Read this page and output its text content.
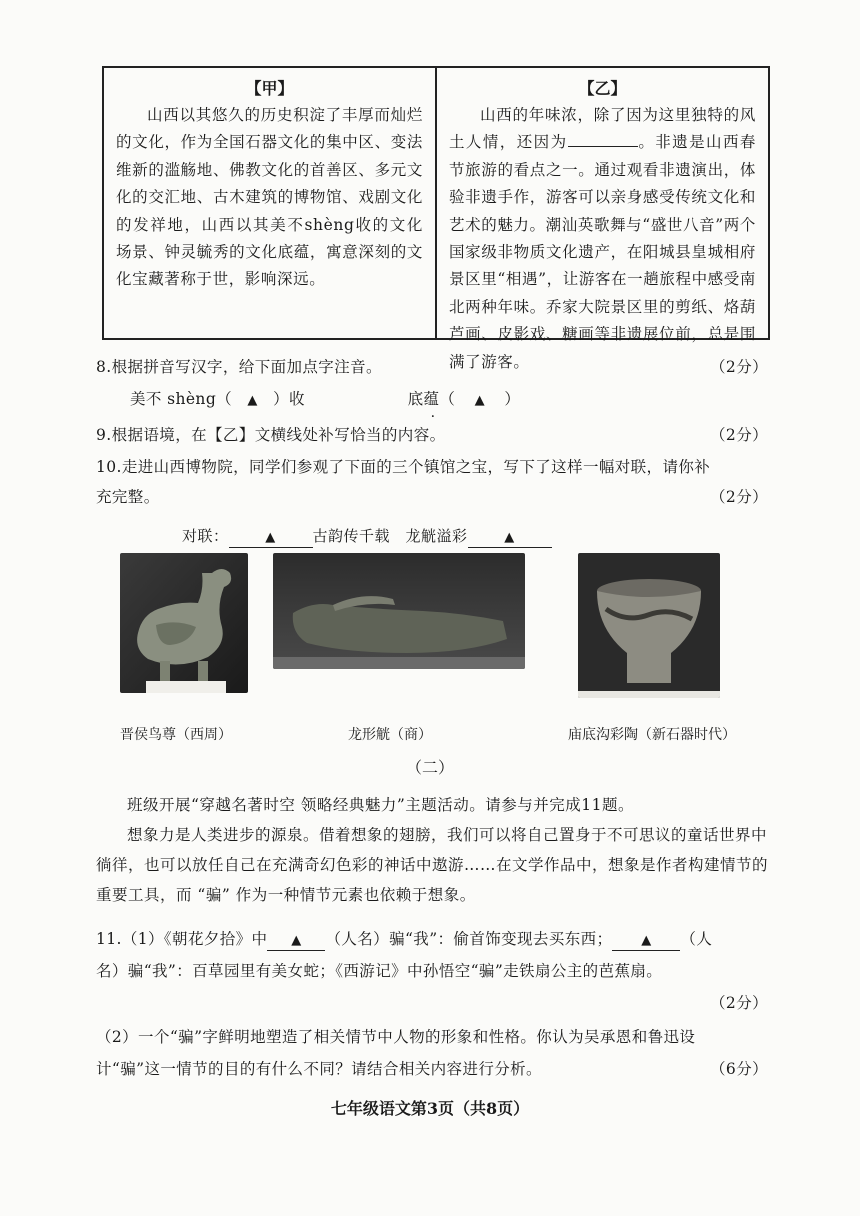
【甲】
山西以其悠久的历史积淀了丰厚而灿烂的文化，作为全国石器文化的集中区、变法维新的滥觞地、佛教文化的首善区、多元文化的交汇地、古木建筑的博物馆、戏剧文化的发祥地，山西以其美不shèng收的文化场景、钟灵毓秀的文化底蕴，寓意深刻的文化宝藏著称于世，影响深远。
【乙】
山西的年味浓，除了因为这里独特的风土人情，还因为	。非遗是山西春节旅游的看点之一。通过观看非遗演出，体验非遗手作，游客可以亲身感受传统文化和艺术的魅力。潮汕英歌舞与“盛世八音”两个国家级非物质文化遗产，在阳城县皇城相府景区里“相遇”，让游客在一趟旅程中感受南北两种年味。乔家大院景区里的剪纸、烙葫芦画、皮影戏、糖画等非遗展位前，总是围满了游客。
8.根据拼音写汉字，给下面加点字注音。	（2分）
美不 shèng（ ▲ ）收	底蕴（ ▲ ）
9.根据语境，在【乙】文横线处补写恰当的内容。	（2分）
10.走进山西博物院，同学们参观了下面的三个镇馆之宝，写下了这样一幅对联，请你补
充完整。	（2分）
对联：	▲ 古韵传千载　龙觥溢彩	▲
晋侯鸟尊（西周）	龙形觥（商）	庙底沟彩陶（新石器时代）
（二）
班级开展“穿越名著时空 领略经典魅力”主题活动。请参与并完成11题。
想象力是人类进步的源泉。借着想象的翅膀，我们可以将自己置身于不可思议的童话世界中徜徉，也可以放任自己在充满奇幻色彩的神话中遨游……在文学作品中，想象是作者构建情节的重要工具，而 “骗” 作为一种情节元素也依赖于想象。
11.（1）《朝花夕拾》中 ▲ （人名）骗“我”：偷首饰变现去买东西； ▲ （人
名）骗“我”：百草园里有美女蛇；《西游记》中孙悟空“骗”走铁扇公主的芭蕉扇。
（2分）
（2）一个“骗”字鲜明地塑造了相关情节中人物的形象和性格。你认为吴承恩和鲁迅设
计“骗”这一情节的目的有什么不同？请结合相关内容进行分析。	（6分）
七年级语文第3页（共8页）
